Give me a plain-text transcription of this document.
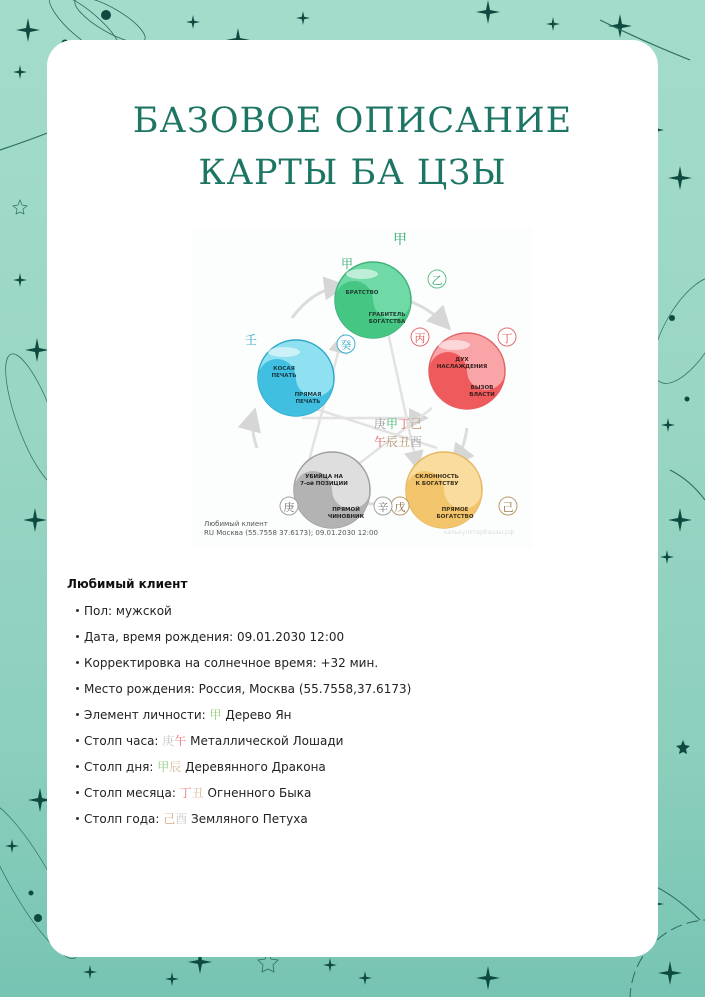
БАЗОВОЕ ОПИСАНИЕ
КАРТЫ БА ЦЗЫ
БРАТСТВО
ГРАБИТЕЛЬ
БОГАТСТВА
ДУХ
НАСЛАЖДЕНИЯ
ВЫЗОВ
ВЛАСТИ
СКЛОННОСТЬ
К БОГАТСТВУ
ПРЯМОЕ
БОГАТСТВО
УБИЙЦА НА
7-ой ПОЗИЦИИ
ПРЯМОЙ
ЧИНОВНИК
КОСАЯ
ПЕЧАТЬ
ПРЯМАЯ
ПЕЧАТЬ
甲
甲
乙
丙	丁
戊	己
庚	辛
壬	癸
庚 甲 丁 己
午 辰 丑 酉
Любимый клиент
RU Москва (55.7558 37.6173); 09.01.2030 12:00	калькуляторбацзы.рф
Любимый клиент
Пол: мужской
Дата, время рождения: 09.01.2030 12:00
Корректировка на солнечное время: +32 мин.
Место рождения: Россия, Москва (55.7558,37.6173)
Элемент личности: 甲 Дерево Ян
Столп часа: 庚午 Металлической Лошади
Столп дня: 甲辰 Деревянного Дракона
Столп месяца: 丁丑 Огненного Быка
Столп года: 己酉 Земляного Петуха
